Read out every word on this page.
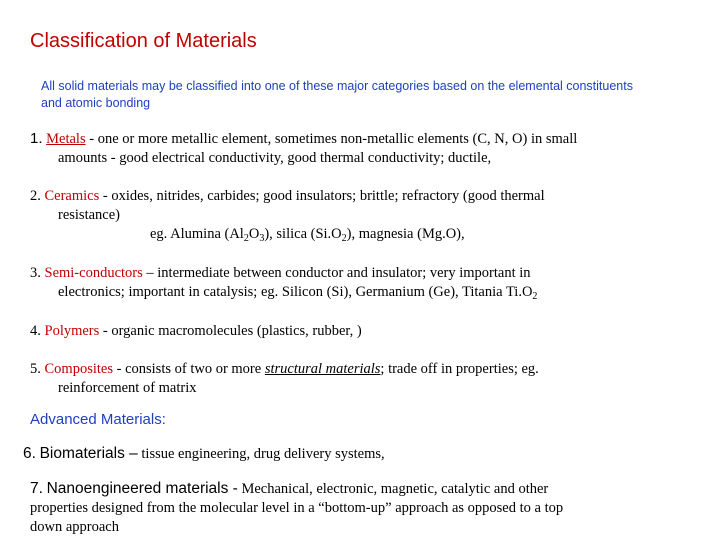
Classification of Materials
All solid materials may be classified into one of these major categories based on the elemental constituents and atomic bonding
1. Metals - one or more metallic element, sometimes non-metallic elements (C, N, O) in small
amounts - good electrical conductivity, good thermal conductivity; ductile,
2. Ceramics - oxides, nitrides, carbides; good insulators; brittle; refractory (good thermal
resistance)
eg. Alumina $(Al_2O_3)$, silica $(Si.O_2)$, magnesia (Mg.O),
3. Semi-conductors – intermediate between conductor and insulator; very important in
electronics; important in catalysis; eg. Silicon (Si), Germanium (Ge), Titania $Ti.O_2$
4. Polymers - organic macromolecules (plastics, rubber, )
5. Composites - consists of two or more structural materials; trade off in properties; eg.
reinforcement of matrix
Advanced Materials:
6. Biomaterials – tissue engineering, drug delivery systems,
7. Nanoengineered materials - Mechanical, electronic, magnetic, catalytic and other
properties designed from the molecular level in a “bottom-up” approach as opposed to a top
down approach
